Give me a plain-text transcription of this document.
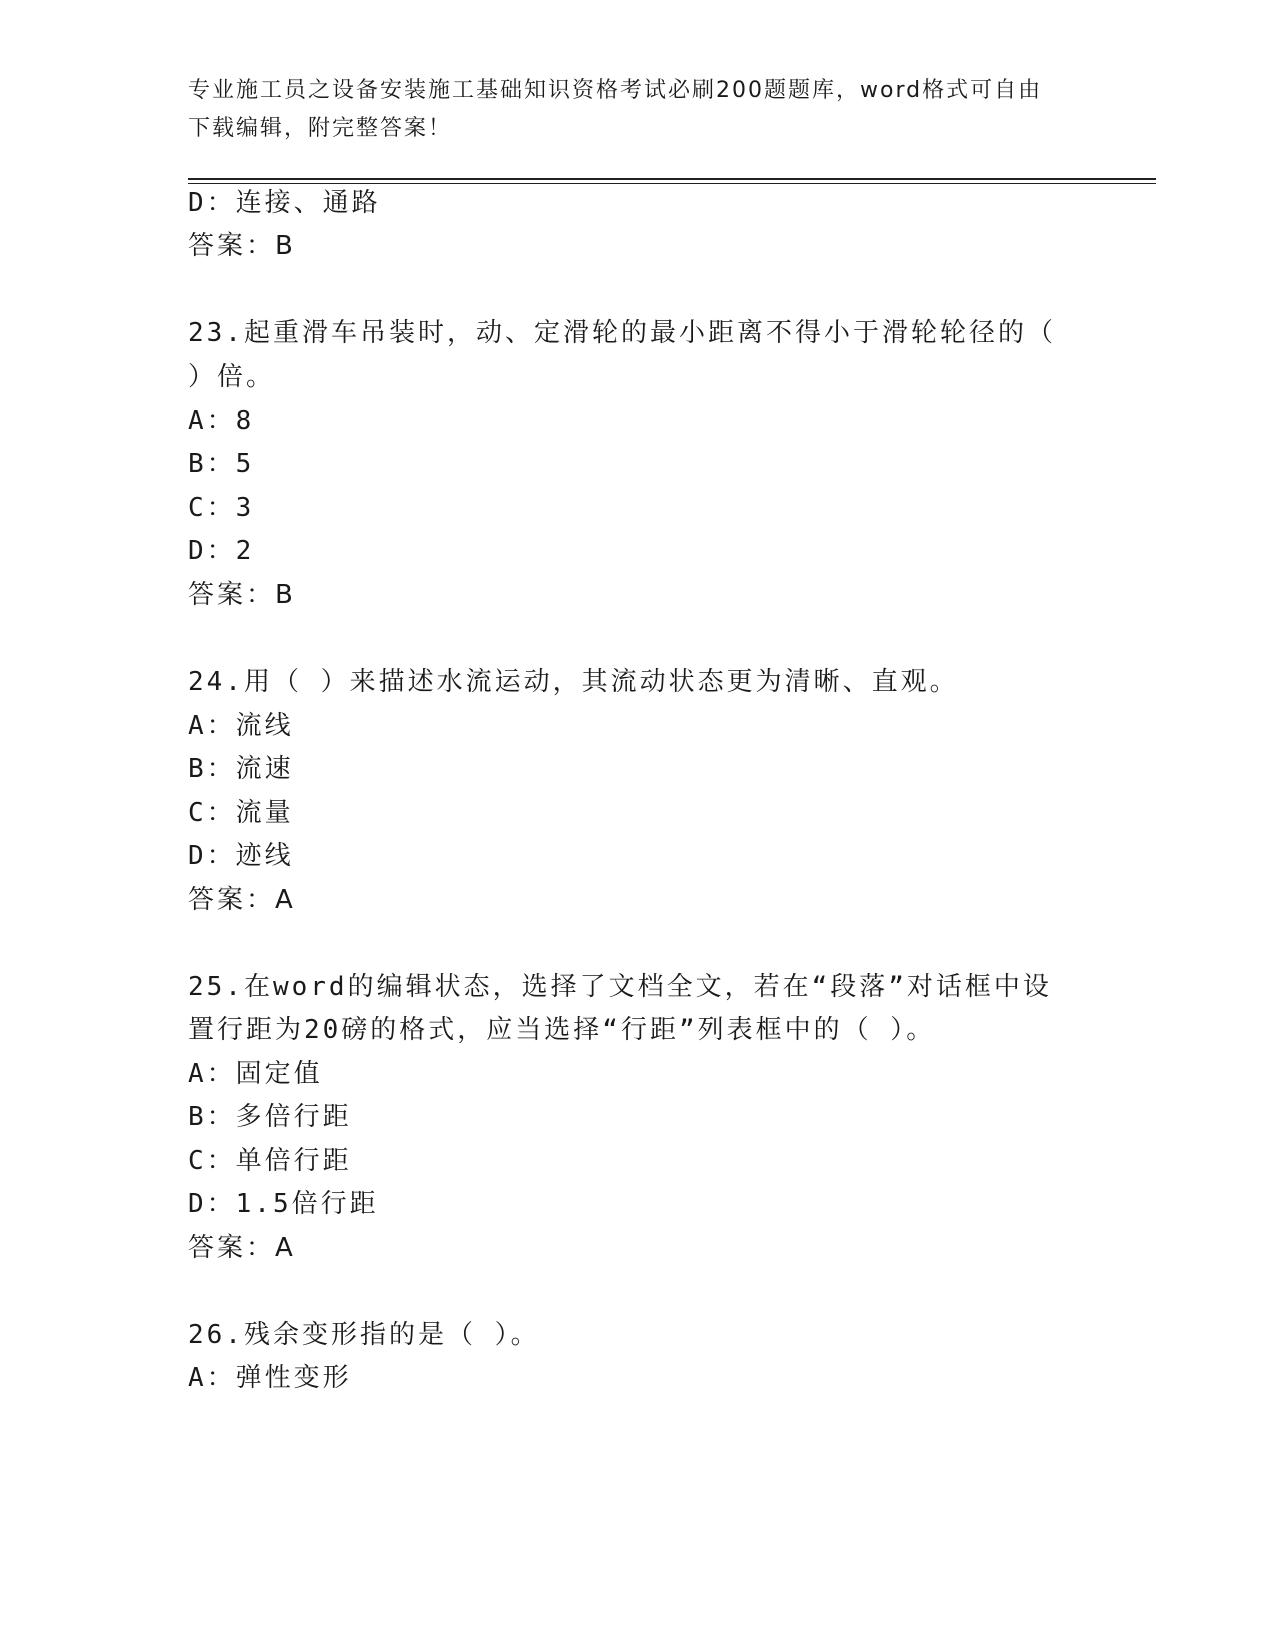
专业施工员之设备安装施工基础知识资格考试必刷200题题库，word格式可自由
下载编辑，附完整答案！
D：连接、通路
答案：B
23.起重滑车吊装时，动、定滑轮的最小距离不得小于滑轮轮径的（
）倍。
A：8
B：5
C：3
D：2
答案：B
24.用（ ）来描述水流运动，其流动状态更为清晰、直观。
A：流线
B：流速
C：流量
D：迹线
答案：A
25.在word的编辑状态，选择了文档全文，若在“段落”对话框中设
置行距为20磅的格式，应当选择“行距”列表框中的（ ）。
A：固定值
B：多倍行距
C：单倍行距
D：1.5倍行距
答案：A
26.残余变形指的是（ ）。
A：弹性变形
